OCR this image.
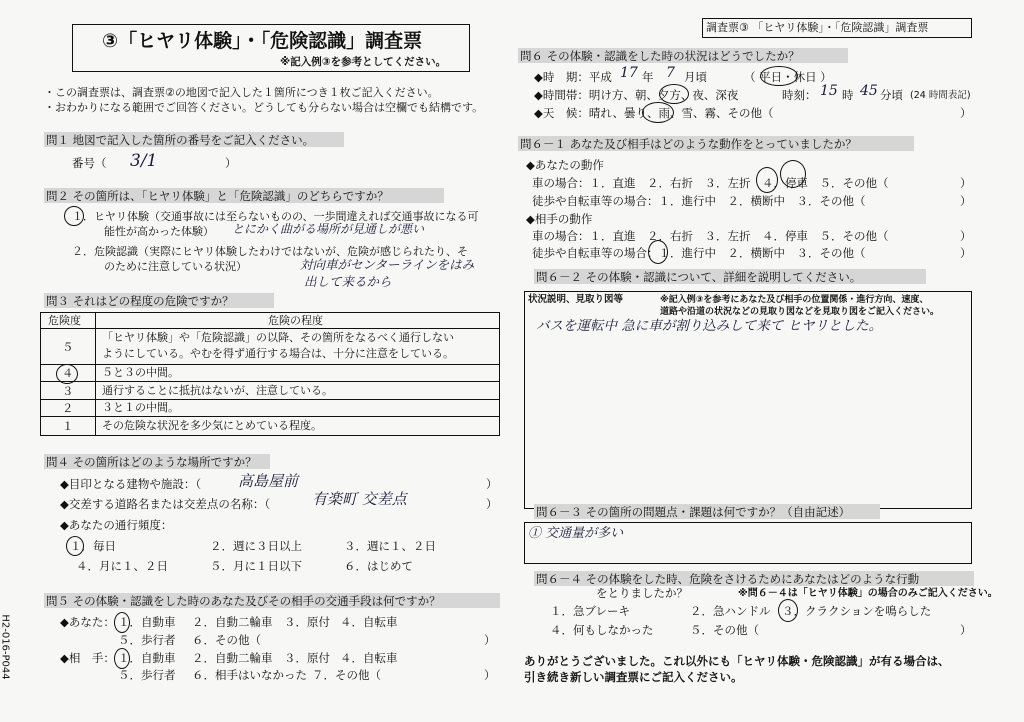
③「ヒヤリ体験」・「危険認識」調査票
※記入例③を参考としてください。
・この調査票は、調査票②の地図で記入した１箇所につき１枚ご記入ください。
・おわかりになる範囲でご回答ください。どうしても分らない場合は空欄でも結構です。
問１ 地図で記入した箇所の番号をご記入ください。
番号（ 3/1	）
問２ その箇所は、「ヒヤリ体験」と「危険認識」のどちらですか？
１．ヒヤリ体験（交通事故には至らないものの、一歩間違えれば交通事故になる可
能性が高かった体験） とにかく曲がる場所が見通しが悪い
２．危険認識（実際にヒヤリ体験したわけではないが、危険が感じられたり、そ
のために注意している状況）	対向車がセンターラインをはみ
出して来るから
問３ それはどの程度の危険ですか？
危険度	危険の程度
５
「ヒヤリ体験」や「危険認識」の以降、その箇所をなるべく通行しない
ようにしている。やむを得ず通行する場合は、十分に注意をしている。
４	５と３の中間。
３	通行することに抵抗はないが、注意している。
２	３と１の中間。
１	その危険な状況を多少気にとめている程度。
問４ その箇所はどのような場所ですか？
◆目印となる建物や施設：（ 高島屋前	）
◆交差する道路名または交差点の名称：（	有楽町 交差点	）
◆あなたの通行頻度：
１．毎日	２．週に３日以上	３．週に１、２日
４．月に１、２日	５．月に１日以下	６．はじめて
問５ その体験・認識をした時のあなた及びその相手の交通手段は何ですか？
◆あなた： １．自動車 ２．自動二輪車 ３．原付 ４．自転車
５．歩行者 ６．その他（	）
◆相　手： １．自動車 ２．自動二輪車 ３．原付 ４．自転車
５．歩行者 ６．相手はいなかった ７．その他（	）
H2-016-P044
調査票③ 「ヒヤリ体験」・「危険認識」調査票
問６ その体験・認識をした時の状況はどうでしたか？
◆時　期：平成 17 年 7 月頃	（ 平日・休日 ）
◆時間帯：明け方、朝、夕方、夜、深夜	時刻： 15 時 45 分頃 (24 時間表記)
◆天　候：晴れ、曇り、雨、雪、霧、その他（	）
問６－１ あなた及び相手はどのような動作をとっていましたか？
◆あなたの動作
車の場合：１．直進　２．右折　３．左折　４．停車　５．その他（	）
徒歩や自転車等の場合：１．進行中　２．横断中　３．その他（	）
◆相手の動作
車の場合：１．直進　２．右折　３．左折　４．停車　５．その他（	）
徒歩や自転車等の場合：１．進行中　２．横断中　３．その他（	）
問６－２ その体験・認識について、詳細を説明してください。
状況説明、見取り図等	※記入例③を参考にあなた及び相手の位置関係・進行方向、速度、
道路や沿道の状況などの見取り図などを見取り図をご記入ください。
バスを運転中 急に車が割り込みして来て ヒヤリとした。
問６－３ その箇所の問題点・課題は何ですか？（自由記述）
① 交通量が多い
問６－４ その体験をした時、危険をさけるためにあなたはどのような行動
をとりましたか？	※問６－４は「ヒヤリ体験」の場合のみご記入ください。
１．急ブレーキ	２．急ハンドル ３．クラクションを鳴らした
４．何もしなかった	５．その他（	）
ありがとうございました。これ以外にも「ヒヤリ体験・危険認識」が有る場合は、
引き続き新しい調査票にご記入ください。
